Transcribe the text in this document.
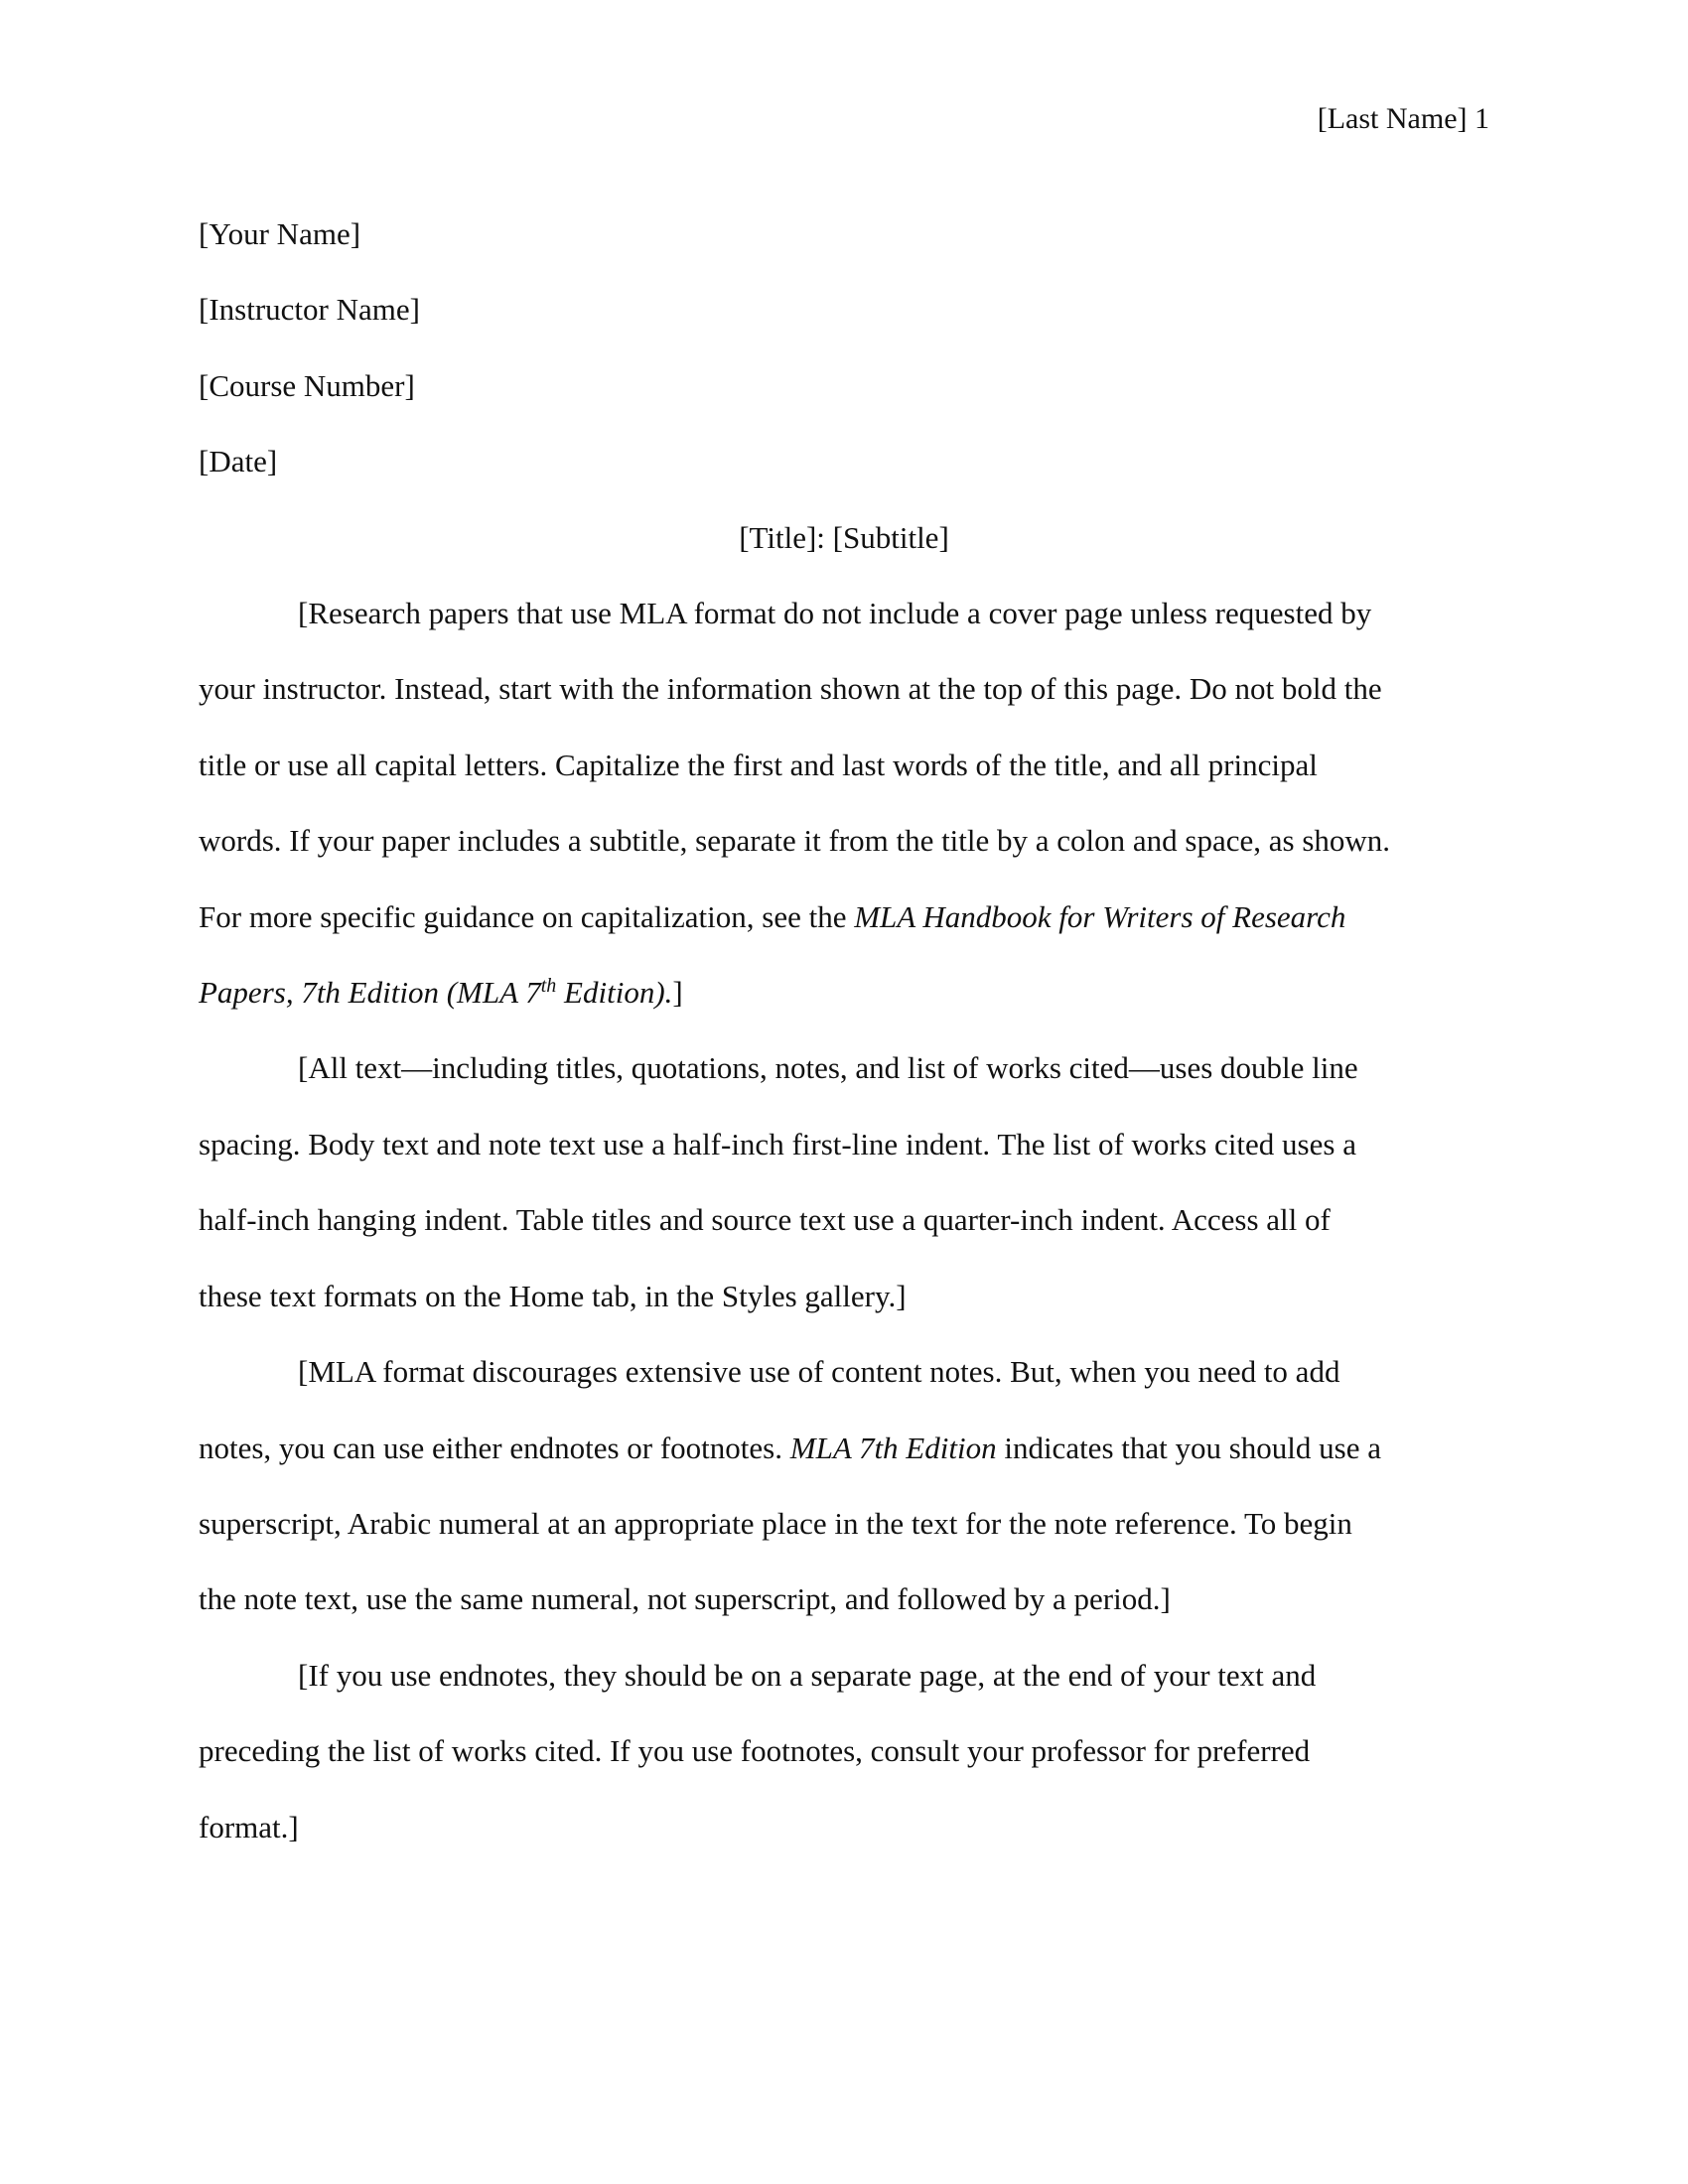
[Last Name] 1
[Your Name]
[Instructor Name]
[Course Number]
[Date]
[Title]: [Subtitle]
[Research papers that use MLA format do not include a cover page unless requested by
your instructor. Instead, start with the information shown at the top of this page. Do not bold the
title or use all capital letters. Capitalize the first and last words of the title, and all principal
words. If your paper includes a subtitle, separate it from the title by a colon and space, as shown.
For more specific guidance on capitalization, see the MLA Handbook for Writers of Research
Papers, 7th Edition (MLA 7th Edition).]
[All text—including titles, quotations, notes, and list of works cited—uses double line
spacing. Body text and note text use a half-inch first-line indent. The list of works cited uses a
half-inch hanging indent. Table titles and source text use a quarter-inch indent. Access all of
these text formats on the Home tab, in the Styles gallery.]
[MLA format discourages extensive use of content notes. But, when you need to add
notes, you can use either endnotes or footnotes. MLA 7th Edition indicates that you should use a
superscript, Arabic numeral at an appropriate place in the text for the note reference. To begin
the note text, use the same numeral, not superscript, and followed by a period.]
[If you use endnotes, they should be on a separate page, at the end of your text and
preceding the list of works cited. If you use footnotes, consult your professor for preferred
format.]
